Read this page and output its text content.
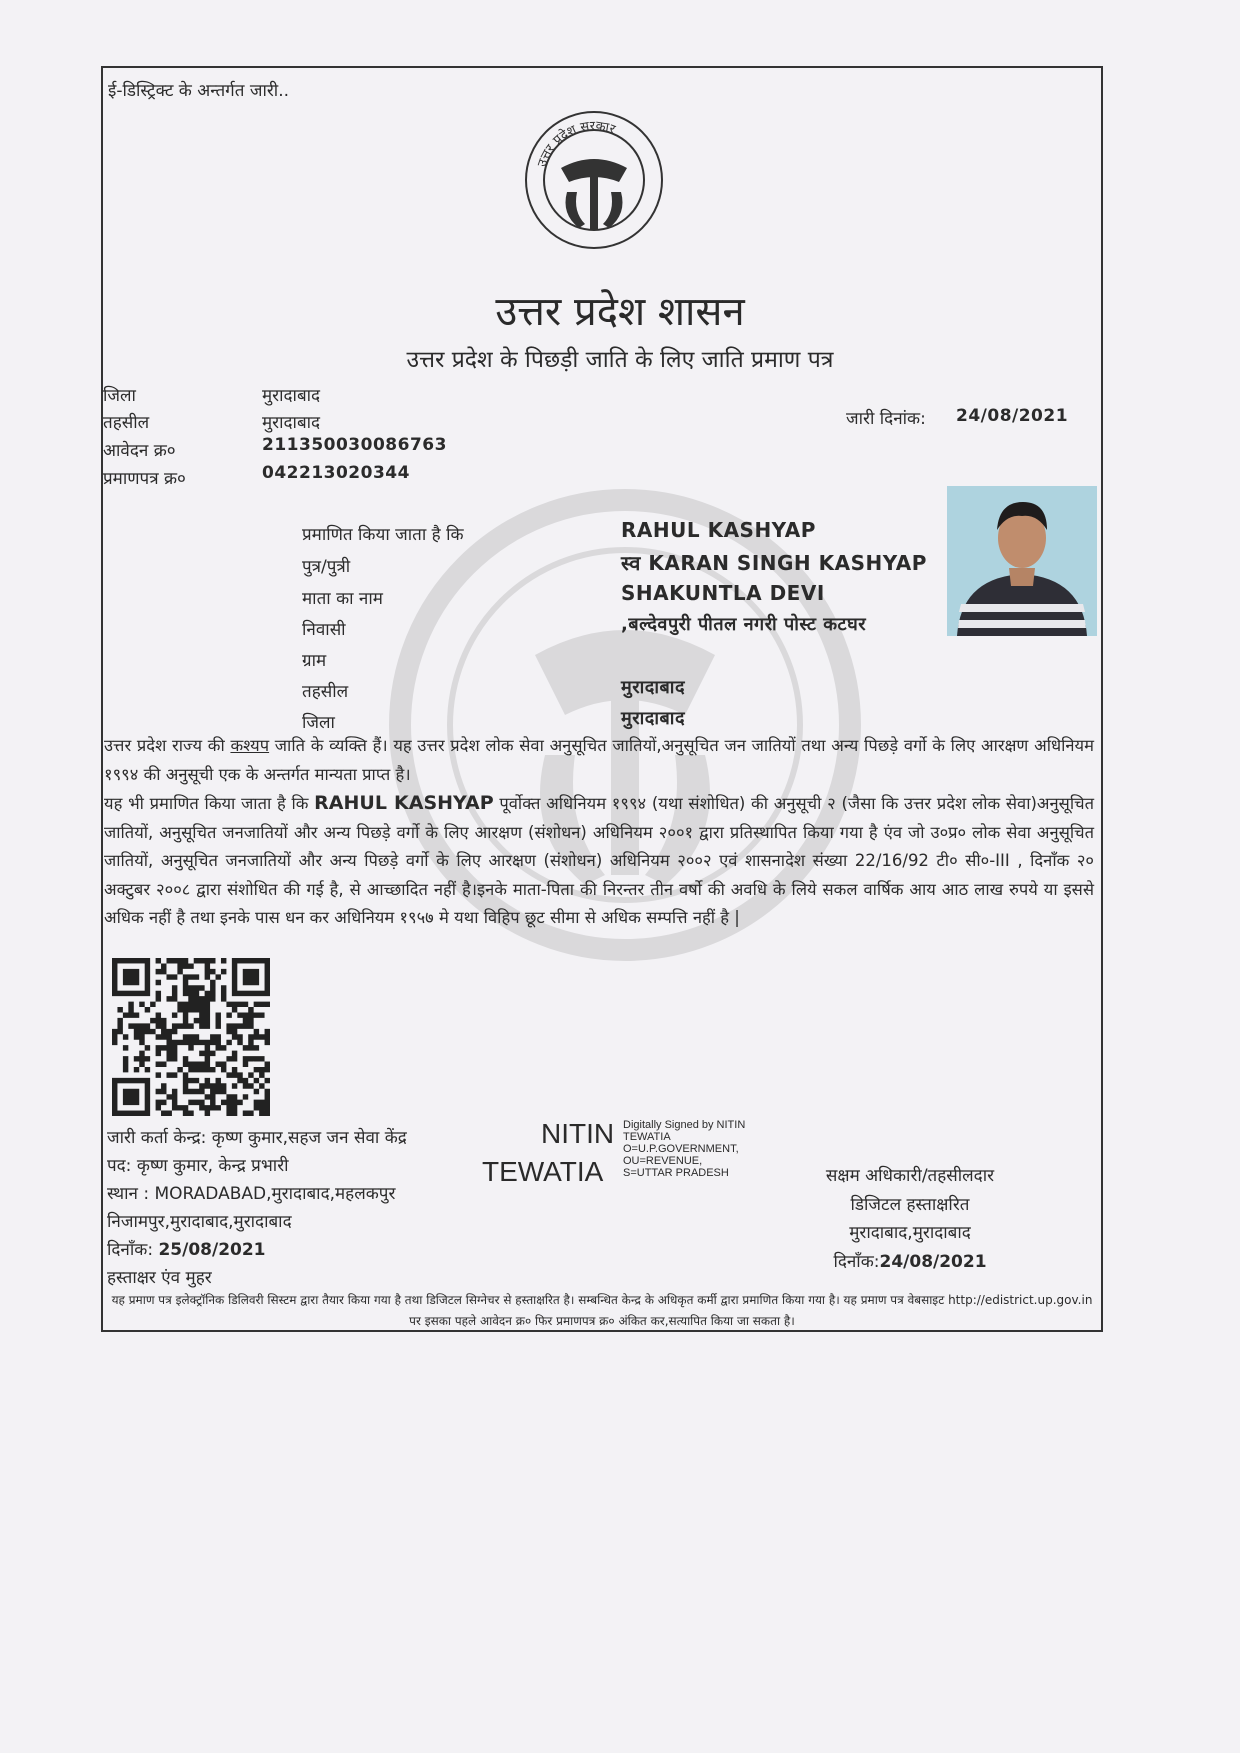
ई-डिस्ट्रिक्ट के अन्तर्गत जारी..
उत्तर प्रदेश सरकार
उत्तर प्रदेश शासन
उत्तर प्रदेश के पिछड़ी जाति के लिए जाति प्रमाण पत्र
जिला	मुरादाबाद
तहसील	मुरादाबाद
आवेदन क्र०	211350030086763
प्रमाणपत्र क्र०	042213020344
जारी दिनांक: 24/08/2021
प्रमाणित किया जाता है कि	RAHUL KASHYAP
पुत्र/पुत्री	स्व KARAN SINGH KASHYAP
माता का नाम	SHAKUNTLA DEVI
निवासी	,बल्देवपुरी पीतल नगरी पोस्ट कटघर
ग्राम
तहसील	मुरादाबाद
जिला	मुरादाबाद

उत्तर प्रदेश राज्य की कश्यप जाति के व्यक्ति हैं। यह उत्तर प्रदेश लोक सेवा अनुसूचित जातियों,अनुसूचित जन जातियों तथा अन्य पिछड़े वर्गो के लिए आरक्षण अधिनियम १९९४ की अनुसूची एक के अन्तर्गत मान्यता प्राप्त है।

यह भी प्रमाणित किया जाता है कि RAHUL KASHYAP पूर्वोक्त अधिनियम १९९४ (यथा संशोधित) की अनुसूची २ (जैसा कि उत्तर प्रदेश लोक सेवा)अनुसूचित जातियों, अनुसूचित जनजातियों और अन्य पिछड़े वर्गो के लिए आरक्षण (संशोधन) अधिनियम २००१ द्वारा प्रतिस्थापित किया गया है एंव जो उ०प्र० लोक सेवा अनुसूचित जातियों, अनुसूचित जनजातियों और अन्य पिछड़े वर्गो के लिए आरक्षण (संशोधन) अधिनियम २००२ एवं शासनादेश संख्या 22/16/92 टी० सी०-III , दिनाँक २० अक्टुबर २००८ द्वारा संशोधित की गई है, से आच्छादित नहीं है।इनके माता-पिता की निरन्तर तीन वर्षो की अवधि के लिये सकल वार्षिक आय आठ लाख रुपये या इससे अधिक नहीं है तथा इनके पास धन कर अधिनियम १९५७ मे यथा विहिप छूट सीमा से अधिक सम्पत्ति नहीं है |

जारी कर्ता केन्द्र: कृष्ण कुमार,सहज जन सेवा केंद्र
पद: कृष्ण कुमार, केन्द्र प्रभारी
स्थान : MORADABAD,मुरादाबाद,महलकपुर
निजामपुर,मुरादाबाद,मुरादाबाद
दिनाँक: 25/08/2021
हस्ताक्षर एंव मुहर
NITIN
TEWATIA
Digitally Signed by NITIN
TEWATIA
O=U.P.GOVERNMENT,
OU=REVENUE,
S=UTTAR PRADESH	सक्षम अधिकारी/तहसीलदार
डिजिटल हस्ताक्षरित
मुरादाबाद,मुरादाबाद
दिनाँक:24/08/2021
यह प्रमाण पत्र इलेक्ट्रॉनिक डिलिवरी सिस्टम द्वारा तैयार किया गया है तथा डिजिटल सिग्नेचर से हस्ताक्षरित है। सम्बन्धित केन्द्र के अधिकृत कर्मी द्वारा प्रमाणित किया गया है। यह प्रमाण पत्र वेबसाइट http://edistrict.up.gov.in पर इसका पहले आवेदन क्र० फिर प्रमाणपत्र क्र० अंकित कर,सत्यापित किया जा सकता है।
